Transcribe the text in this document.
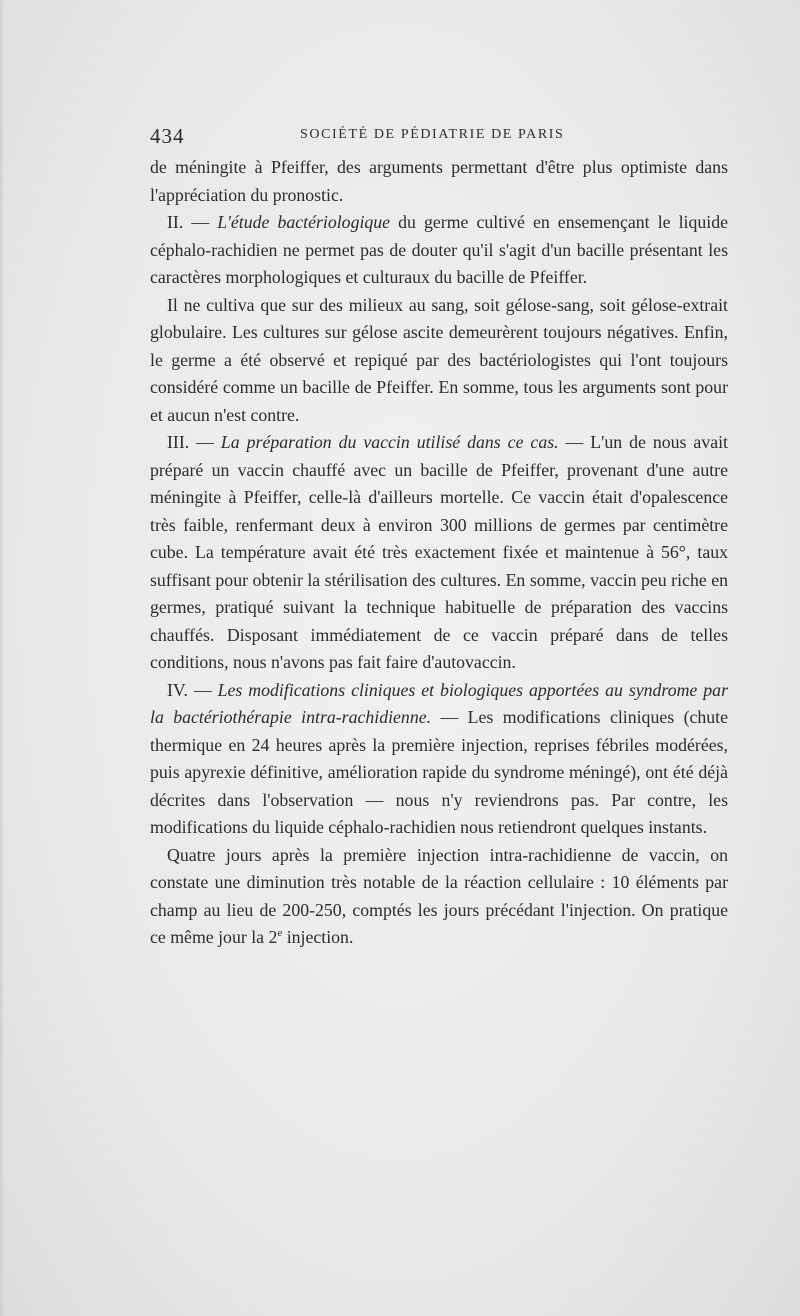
434	SOCIÉTÉ DE PÉDIATRIE DE PARIS

de méningite à Pfeiffer, des arguments permettant d'être plus optimiste dans l'appréciation du pronostic.

II. — L'étude bactériologique du germe cultivé en ensemençant le liquide céphalo-rachidien ne permet pas de douter qu'il s'agit d'un bacille présentant les caractères morphologiques et culturaux du bacille de Pfeiffer.

Il ne cultiva que sur des milieux au sang, soit gélose-sang, soit gélose-extrait globulaire. Les cultures sur gélose ascite demeurèrent toujours négatives. Enfin, le germe a été observé et repiqué par des bactériologistes qui l'ont toujours considéré comme un bacille de Pfeiffer. En somme, tous les arguments sont pour et aucun n'est contre.

III. — La préparation du vaccin utilisé dans ce cas. — L'un de nous avait préparé un vaccin chauffé avec un bacille de Pfeiffer, provenant d'une autre méningite à Pfeiffer, celle-là d'ailleurs mortelle. Ce vaccin était d'opalescence très faible, renfermant deux à environ 300 millions de germes par centimètre cube. La température avait été très exactement fixée et maintenue à 56°, taux suffisant pour obtenir la stérilisation des cultures. En somme, vaccin peu riche en germes, pratiqué suivant la technique habituelle de préparation des vaccins chauffés. Disposant immédiatement de ce vaccin préparé dans de telles conditions, nous n'avons pas fait faire d'autovaccin.

IV. — Les modifications cliniques et biologiques apportées au syndrome par la bactériothérapie intra-rachidienne. — Les modifications cliniques (chute thermique en 24 heures après la première injection, reprises fébriles modérées, puis apyrexie définitive, amélioration rapide du syndrome méningé), ont été déjà décrites dans l'observation — nous n'y reviendrons pas. Par contre, les modifications du liquide céphalo-rachidien nous retiendront quelques instants.

Quatre jours après la première injection intra-rachidienne de vaccin, on constate une diminution très notable de la réaction cellulaire : 10 éléments par champ au lieu de 200-250, comptés les jours précédant l'injection. On pratique ce même jour la 2e injection.
